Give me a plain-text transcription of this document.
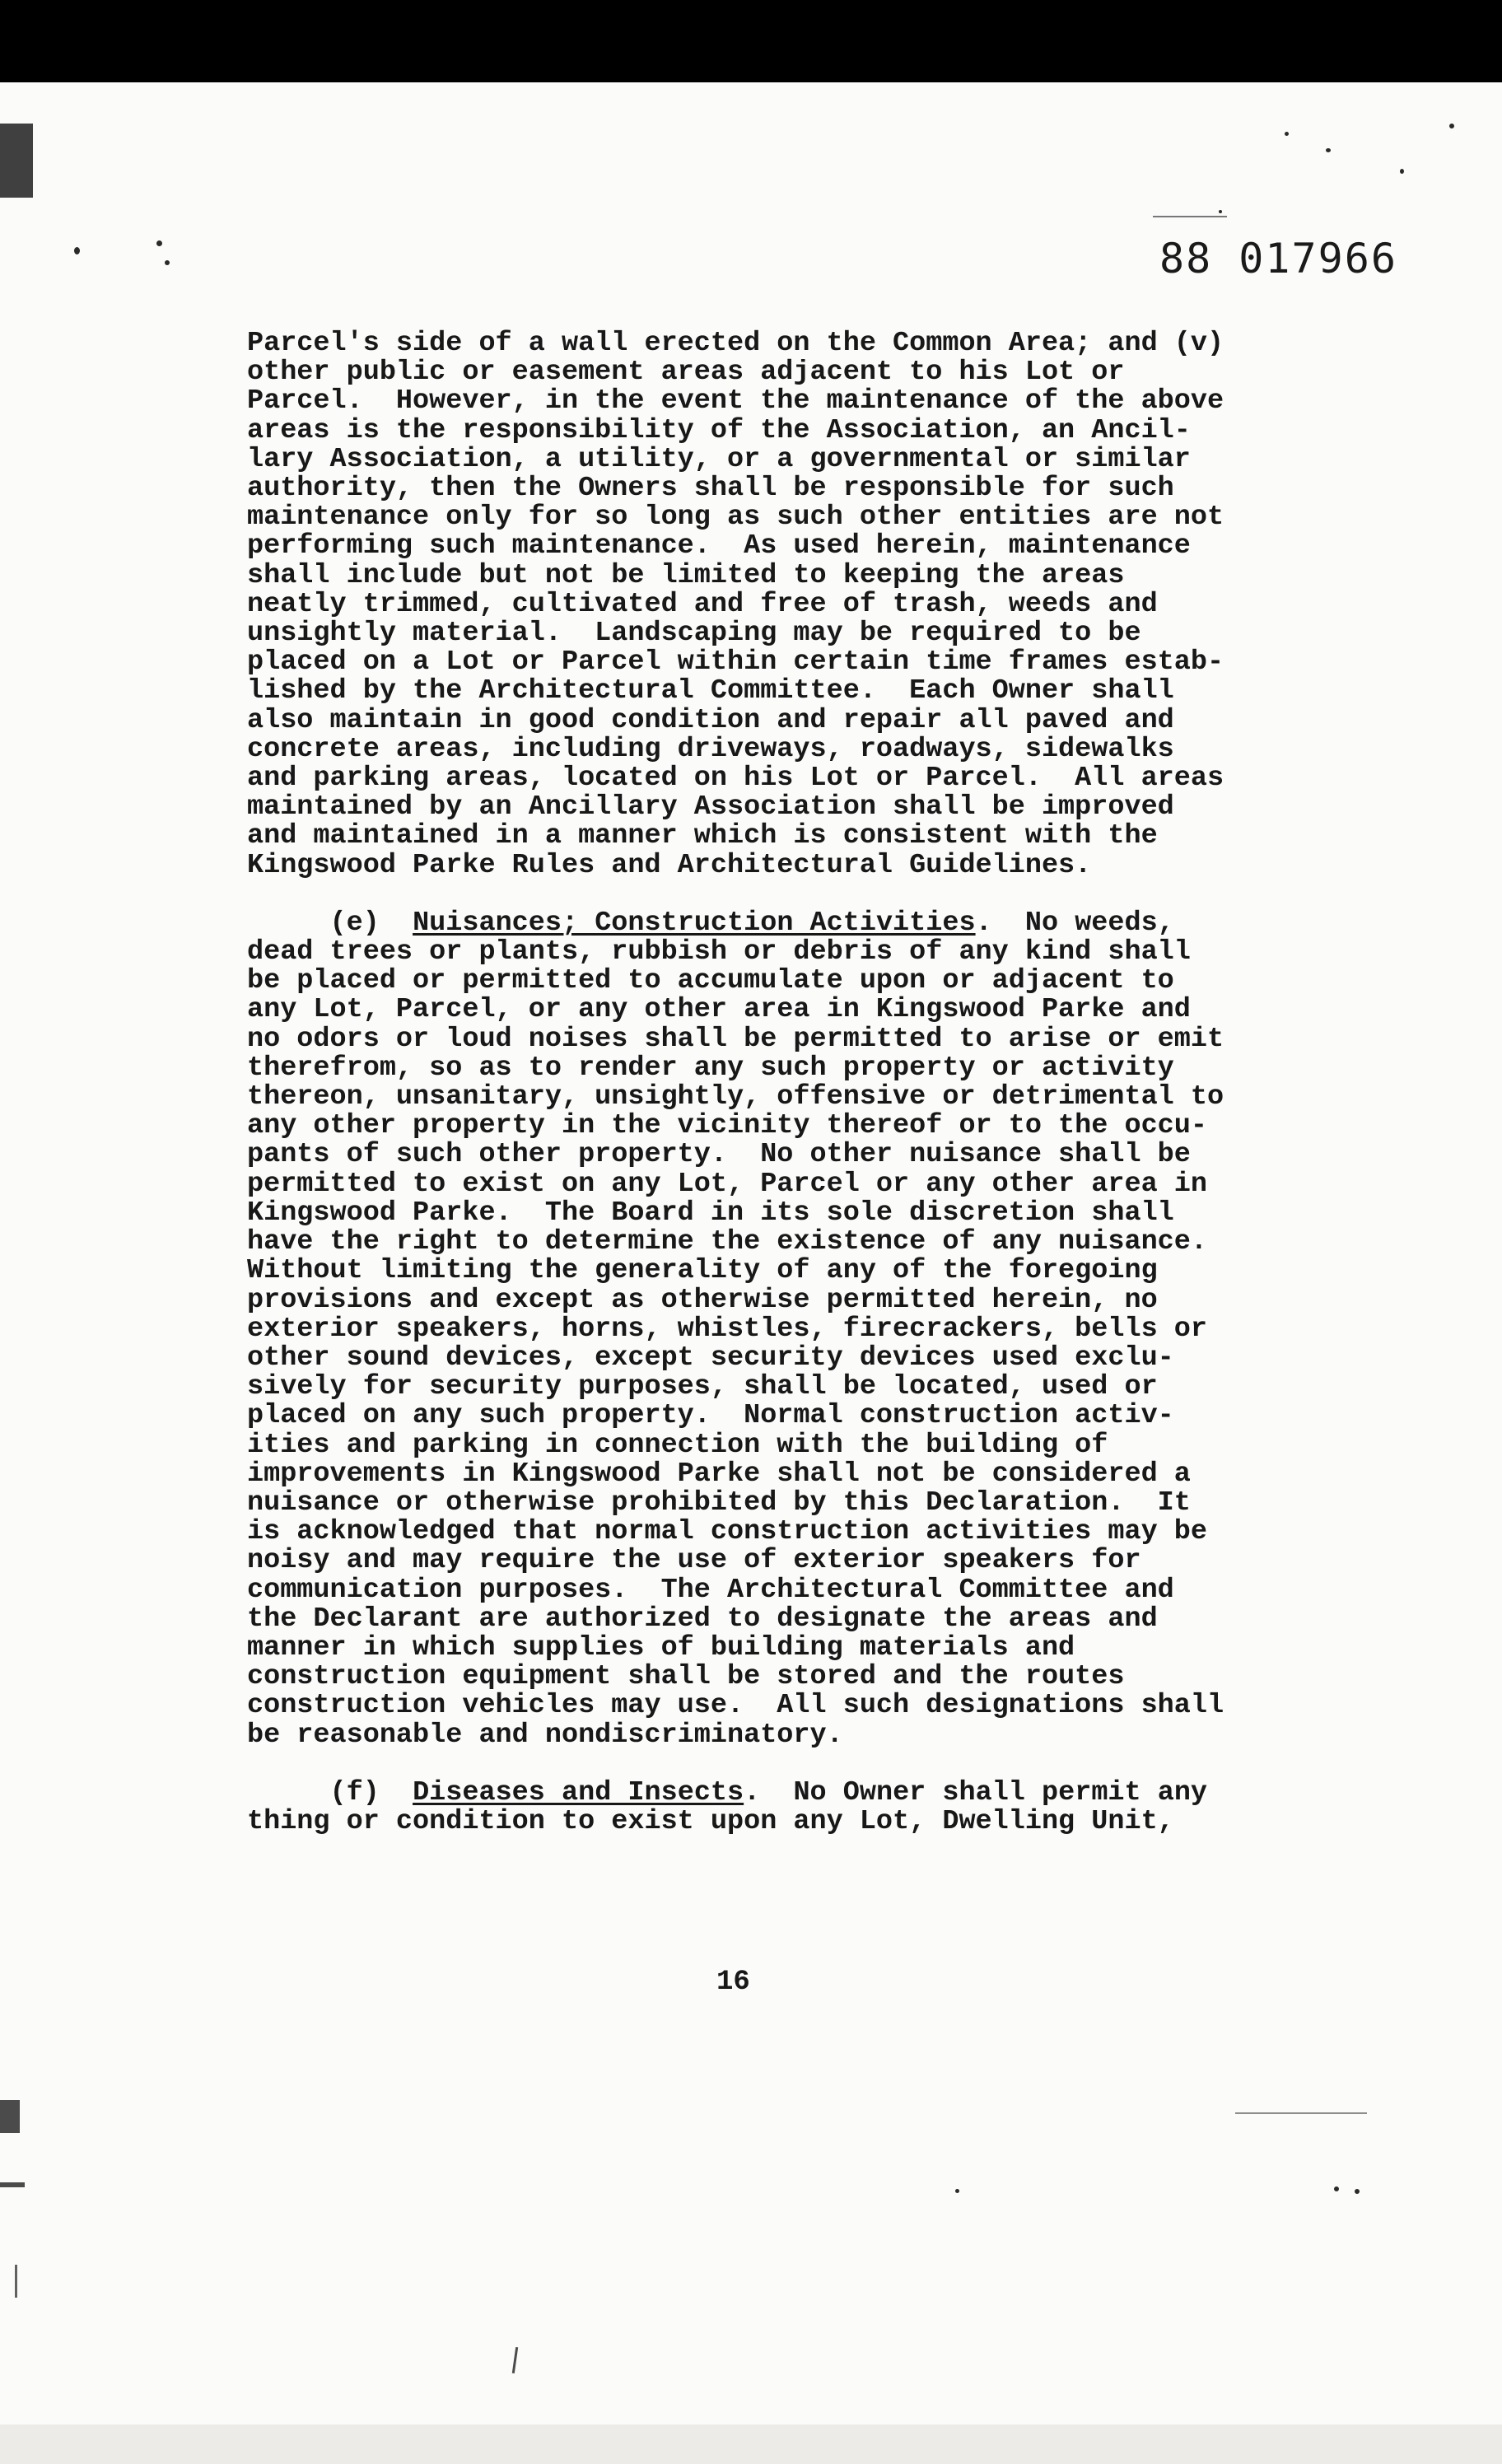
88 017966

Parcel's side of a wall erected on the Common Area; and (v)
other public or easement areas adjacent to his Lot or
Parcel.  However, in the event the maintenance of the above
areas is the responsibility of the Association, an Ancil-
lary Association, a utility, or a governmental or similar
authority, then the Owners shall be responsible for such
maintenance only for so long as such other entities are not
performing such maintenance.  As used herein, maintenance
shall include but not be limited to keeping the areas
neatly trimmed, cultivated and free of trash, weeds and
unsightly material.  Landscaping may be required to be
placed on a Lot or Parcel within certain time frames estab-
lished by the Architectural Committee.  Each Owner shall
also maintain in good condition and repair all paved and
concrete areas, including driveways, roadways, sidewalks
and parking areas, located on his Lot or Parcel.  All areas
maintained by an Ancillary Association shall be improved
and maintained in a manner which is consistent with the
Kingswood Parke Rules and Architectural Guidelines.

(e) Nuisances; Construction Activities.  No weeds,
dead trees or plants, rubbish or debris of any kind shall
be placed or permitted to accumulate upon or adjacent to
any Lot, Parcel, or any other area in Kingswood Parke and
no odors or loud noises shall be permitted to arise or emit
therefrom, so as to render any such property or activity
thereon, unsanitary, unsightly, offensive or detrimental to
any other property in the vicinity thereof or to the occu-
pants of such other property.  No other nuisance shall be
permitted to exist on any Lot, Parcel or any other area in
Kingswood Parke.  The Board in its sole discretion shall
have the right to determine the existence of any nuisance.
Without limiting the generality of any of the foregoing
provisions and except as otherwise permitted herein, no
exterior speakers, horns, whistles, firecrackers, bells or
other sound devices, except security devices used exclu-
sively for security purposes, shall be located, used or
placed on any such property.  Normal construction activ-
ities and parking in connection with the building of
improvements in Kingswood Parke shall not be considered a
nuisance or otherwise prohibited by this Declaration.  It
is acknowledged that normal construction activities may be
noisy and may require the use of exterior speakers for
communication purposes.  The Architectural Committee and
the Declarant are authorized to designate the areas and
manner in which supplies of building materials and
construction equipment shall be stored and the routes
construction vehicles may use.  All such designations shall
be reasonable and nondiscriminatory.

(f) Diseases and Insects.  No Owner shall permit any
thing or condition to exist upon any Lot, Dwelling Unit,

16
